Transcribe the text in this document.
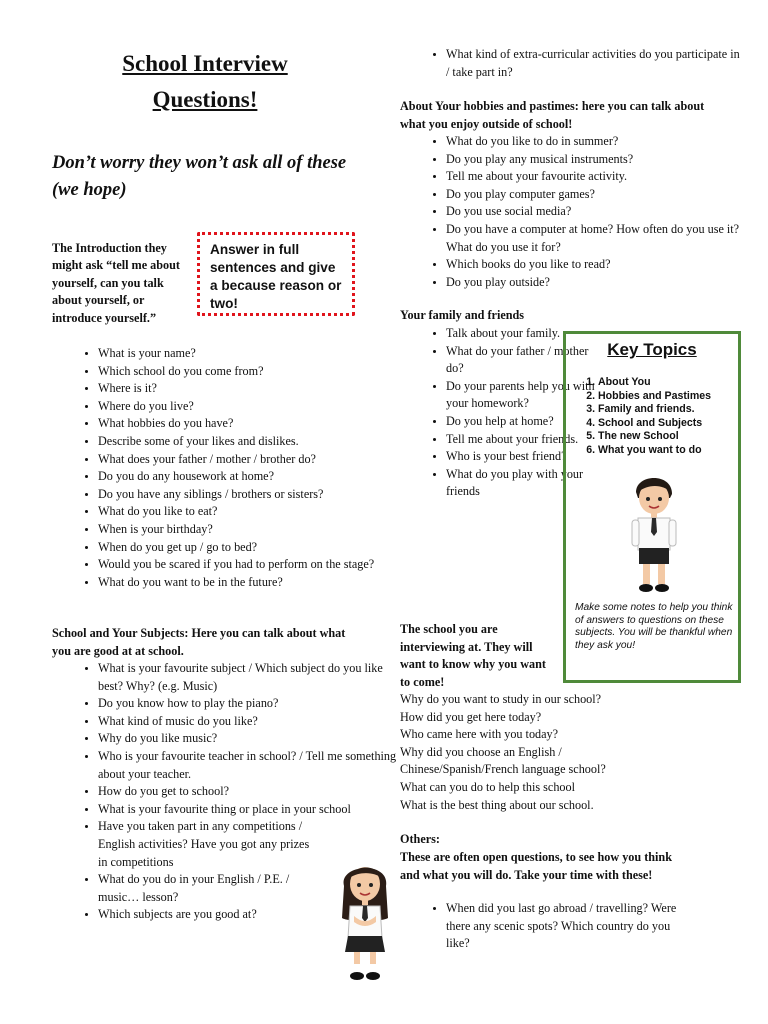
School Interview
Questions!
Don’t worry they won’t ask all of these (we hope)
The Introduction they might ask “tell me about yourself, can you talk about yourself, or introduce yourself.”
Answer in full sentences and give a because reason or two!
• What is your name?
• Which school do you come from?
• Where is it?
• Where do you live?
• What hobbies do you have?
• Describe some of your likes and dislikes.
• What does your father / mother / brother do?
• Do you do any housework at home?
• Do you have any siblings / brothers or sisters?
• What do you like to eat?
• When is your birthday?
• When do you get up / go to bed?
• Would you be scared if you had to perform on the stage?
• What do you want to be in the future?
School and Your Subjects: Here you can talk about what you are good at at school.
• What is your favourite subject / Which subject do you like best? Why? (e.g. Music)
• Do you know how to play the piano?
• What kind of music do you like?
• Why do you like music?
• Who is your favourite teacher in school? / Tell me something about your teacher.
• How do you get to school?
• What is your favourite thing or place in your school
• Have you taken part in any competitions / English activities? Have you got any prizes in competitions
• What do you do in your English / P.E. / music… lesson?
• Which subjects are you good at?
• What kind of extra-curricular activities do you participate in / take part in?
About Your hobbies and pastimes: here you can talk about what you enjoy outside of school!
• What do you like to do in summer?
• Do you play any musical instruments?
• Tell me about your favourite activity.
• Do you play computer games?
• Do you use social media?
• Do you have a computer at home? How often do you use it? What do you use it for?
• Which books do you like to read?
• Do you play outside?
Your family and friends
• Talk about your family.
• What do your father / mother do?
• Do your parents help you with your homework?
• Do you help at home?
• Tell me about your friends.
• Who is your best friend?
• What do you play with your friends
Key Topics
1. About You
2. Hobbies and Pastimes
3. Family and friends.
4. School and Subjects
5. The new School
6. What you want to do
Make some notes to help you think of answers to questions on these subjects. You will be thankful when they ask you!
The school you are interviewing at. They will want to know why you want to come!
Why do you want to study in our school?
How did you get here today?
Who came here with you today?
Why did you choose an English / Chinese/Spanish/French language school?
What can you do to help this school
What is the best thing about our school.
Others:
These are often open questions, to see how you think and what you will do. Take your time with these!
• When did you last go abroad / travelling? Were there any scenic spots? Which country do you like?
